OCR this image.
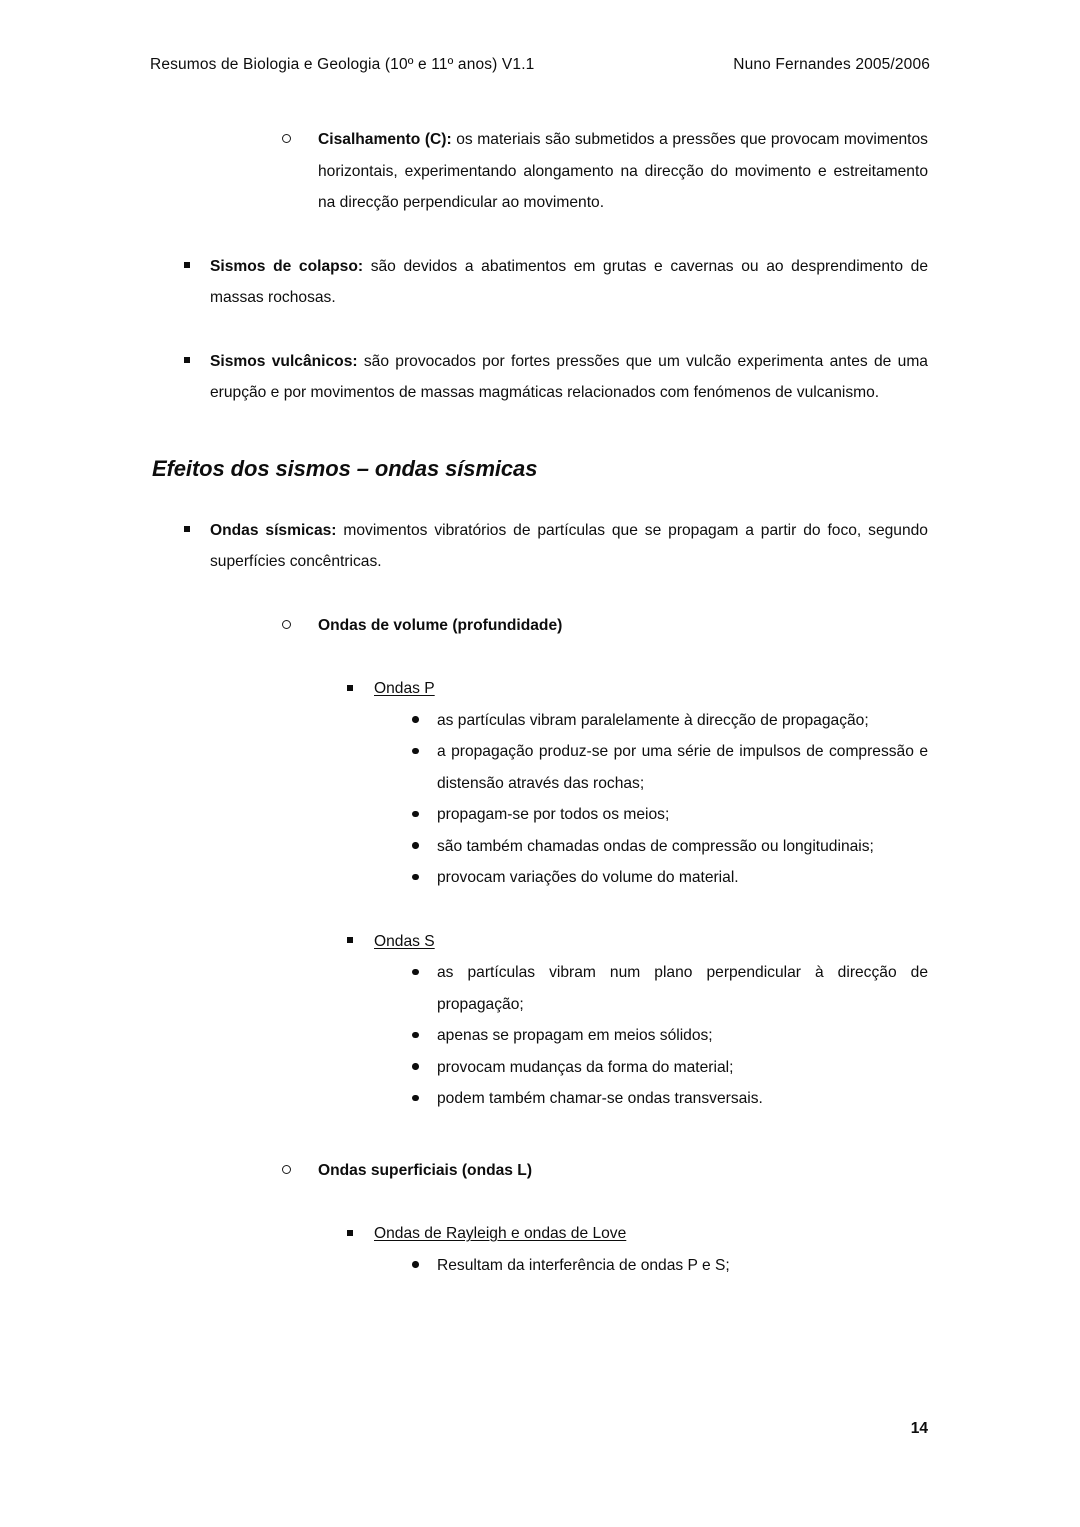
Resumos de Biologia e Geologia (10º e 11º anos) V1.1	Nuno Fernandes 2005/2006
Cisalhamento (C): os materiais são submetidos a pressões que provocam movimentos horizontais, experimentando alongamento na direcção do movimento e estreitamento na direcção perpendicular ao movimento.
Sismos de colapso: são devidos a abatimentos em grutas e cavernas ou ao desprendimento de massas rochosas.
Sismos vulcânicos: são provocados por fortes pressões que um vulcão experimenta antes de uma erupção e por movimentos de massas magmáticas relacionados com fenómenos de vulcanismo.
Efeitos dos sismos – ondas sísmicas
Ondas sísmicas: movimentos vibratórios de partículas que se propagam a partir do foco, segundo superfícies concêntricas.
Ondas de volume (profundidade)
Ondas P
as partículas vibram paralelamente à direcção de propagação;
a propagação produz-se por uma série de impulsos de compressão e distensão através das rochas;
propagam-se por todos os meios;
são também chamadas ondas de compressão ou longitudinais;
provocam variações do volume do material.
Ondas S
as partículas vibram num plano perpendicular à direcção de propagação;
apenas se propagam em meios sólidos;
provocam mudanças da forma do material;
podem também chamar-se ondas transversais.
Ondas superficiais (ondas L)
Ondas de Rayleigh e ondas de Love
Resultam da interferência de ondas P e S;
14
